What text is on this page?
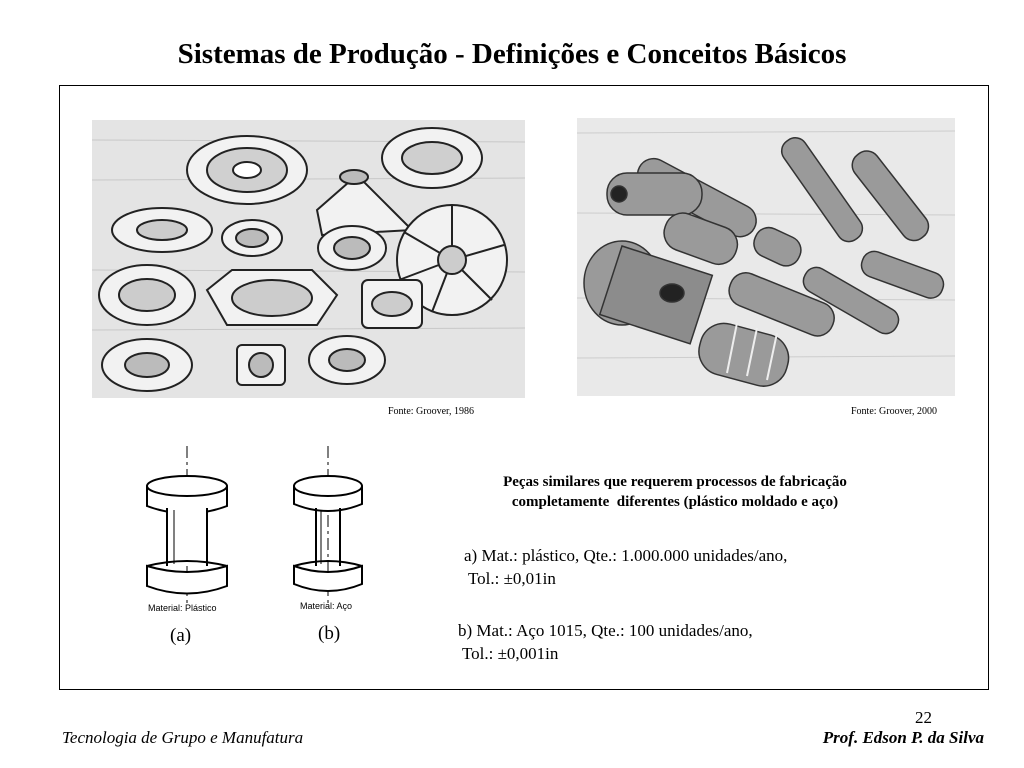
Sistemas de Produção - Definições e Conceitos Básicos
Fonte: Groover, 1986	Fonte: Groover, 2000
Material: Plástico
(a)
Material: Aço
(b)
Peças similares que requerem processos de fabricação
completamente  diferentes (plástico moldado e aço)
a) Mat.: plástico, Qte.: 1.000.000 unidades/ano,
Tol.: ±0,01in
b) Mat.: Aço 1015, Qte.: 100 unidades/ano,
Tol.: ±0,001in
22
Tecnologia de Grupo e Manufatura	Prof. Edson P. da Silva
